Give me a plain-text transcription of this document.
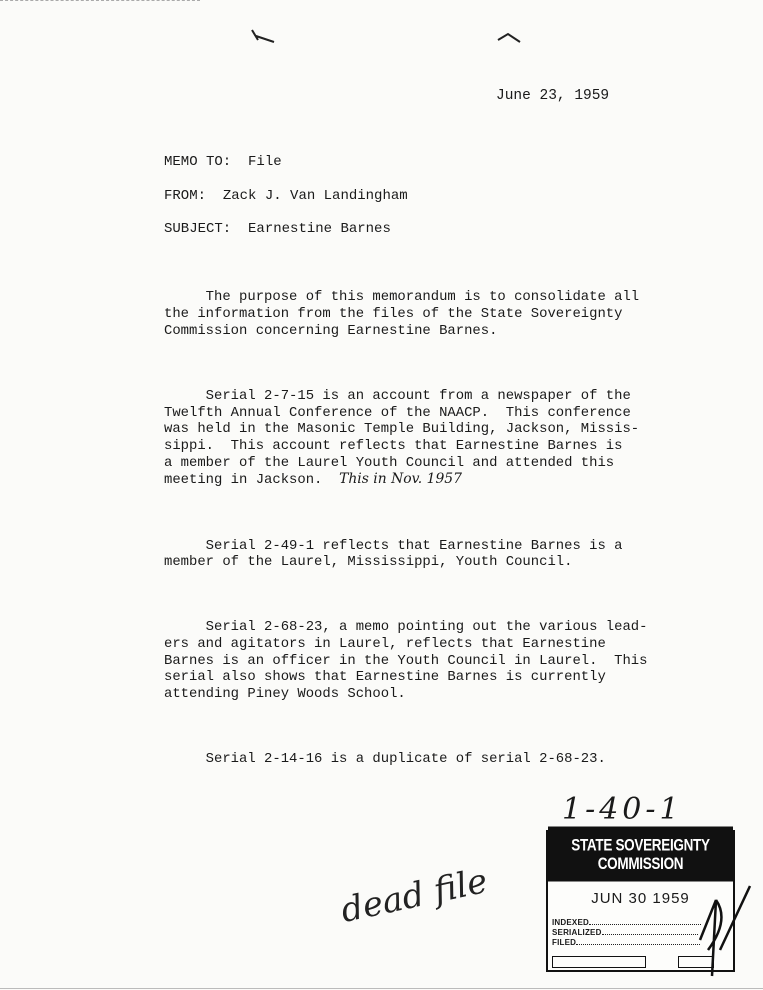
June 23, 1959
MEMO TO: File
FROM: Zack J. Van Landingham
SUBJECT: Earnestine Barnes

The purpose of this memorandum is to consolidate all
the information from the files of the State Sovereignty
Commission concerning Earnestine Barnes.

Serial 2-7-15 is an account from a newspaper of the
Twelfth Annual Conference of the NAACP.  This conference
was held in the Masonic Temple Building, Jackson, Missis-
sippi.  This account reflects that Earnestine Barnes is
a member of the Laurel Youth Council and attended this
meeting in Jackson. This in Nov. 1957

Serial 2-49-1 reflects that Earnestine Barnes is a
member of the Laurel, Mississippi, Youth Council.

Serial 2-68-23, a memo pointing out the various lead-
ers and agitators in Laurel, reflects that Earnestine
Barnes is an officer in the Youth Council in Laurel.  This
serial also shows that Earnestine Barnes is currently
attending Piney Woods School.

Serial 2-14-16 is a duplicate of serial 2-68-23.

1-40-1
STATE SOVEREIGNTY COMMISSION
JUN 30 1959
INDEXED
SERIALIZED
FILED
dead file
